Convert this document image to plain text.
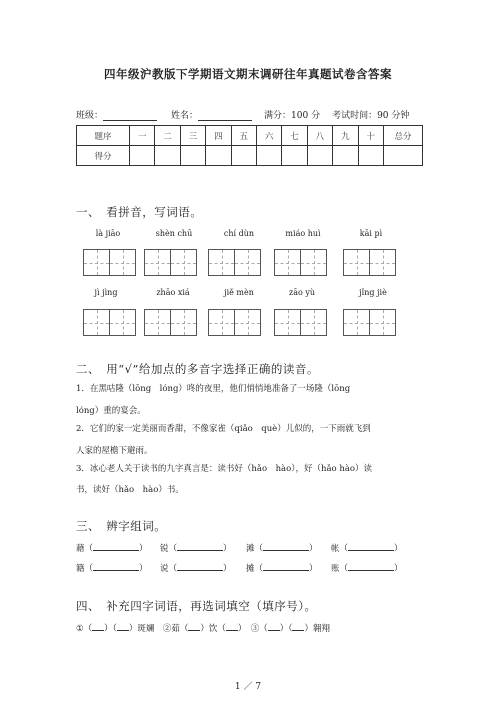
四年级沪教版下学期语文期末调研往年真题试卷含答案
班级：	姓名：	满分：100 分 考试时间：90 分钟
题序	一	二	三	四	五	六	七	八	九	十	总分
得分											
一、　看拼音，写词语。
là jiāo	shèn chū	chí dùn	miáo huì	kāi pì
jì jìng	zhāo xiá	jiě mèn	zāo yù	jǐng jiè
二、　用“√”给加点的多音字选择正确的读音。
1．在黑咕隆（lōng　lóng）咚的夜里，他们悄悄地准备了一场隆（lōng
lóng）重的宴会。
2．它们的家一定美丽而香甜，不像家雀（qiǎo　què）儿似的，一下雨就飞到
人家的屋檐下避雨。
3．冰心老人关于读书的九字真言是：读书好（hǎo　hào），好（hǎo hào）读
书，读好（hǎo　hào）书。
三、　辨字组词。
藉（	） 锐（	） 滩（	） 帐（	）
籍（	） 说（	） 摊（	） 账（	）
四、　补充四字词语，再选词填空（填序号）。
①（ ）（ ）斑斓　②茹（ ）饮（ ）　③（ ）（ ）翱翔
1 ／ 7
